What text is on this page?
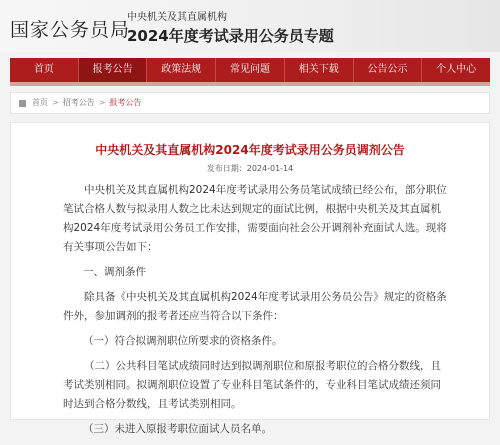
国家公务员局
中央机关及其直属机构
2024年度考试录用公务员专题
首页	报考公告	政策法规	常见问题	相关下载	公告公示	个人中心
首页 > 招考公告 > 报考公告
中央机关及其直属机构2024年度考试录用公务员调剂公告
发布日期：2024-01-14

中央机关及其直属机构2024年度考试录用公务员笔试成绩已经公布，部分职位笔试合格人数与拟录用人数之比未达到规定的面试比例，根据中央机关及其直属机构2024年度考试录用公务员工作安排，需要面向社会公开调剂补充面试人选。现将有关事项公告如下：

一、调剂条件

除具备《中央机关及其直属机构2024年度考试录用公务员公告》规定的资格条件外，参加调剂的报考者还应当符合以下条件：

（一）符合拟调剂职位所要求的资格条件。

（二）公共科目笔试成绩同时达到拟调剂职位和原报考职位的合格分数线，且考试类别相同。拟调剂职位设置了专业科目笔试条件的，专业科目笔试成绩还须同时达到合格分数线，且考试类别相同。

（三）未进入原报考职位面试人员名单。
